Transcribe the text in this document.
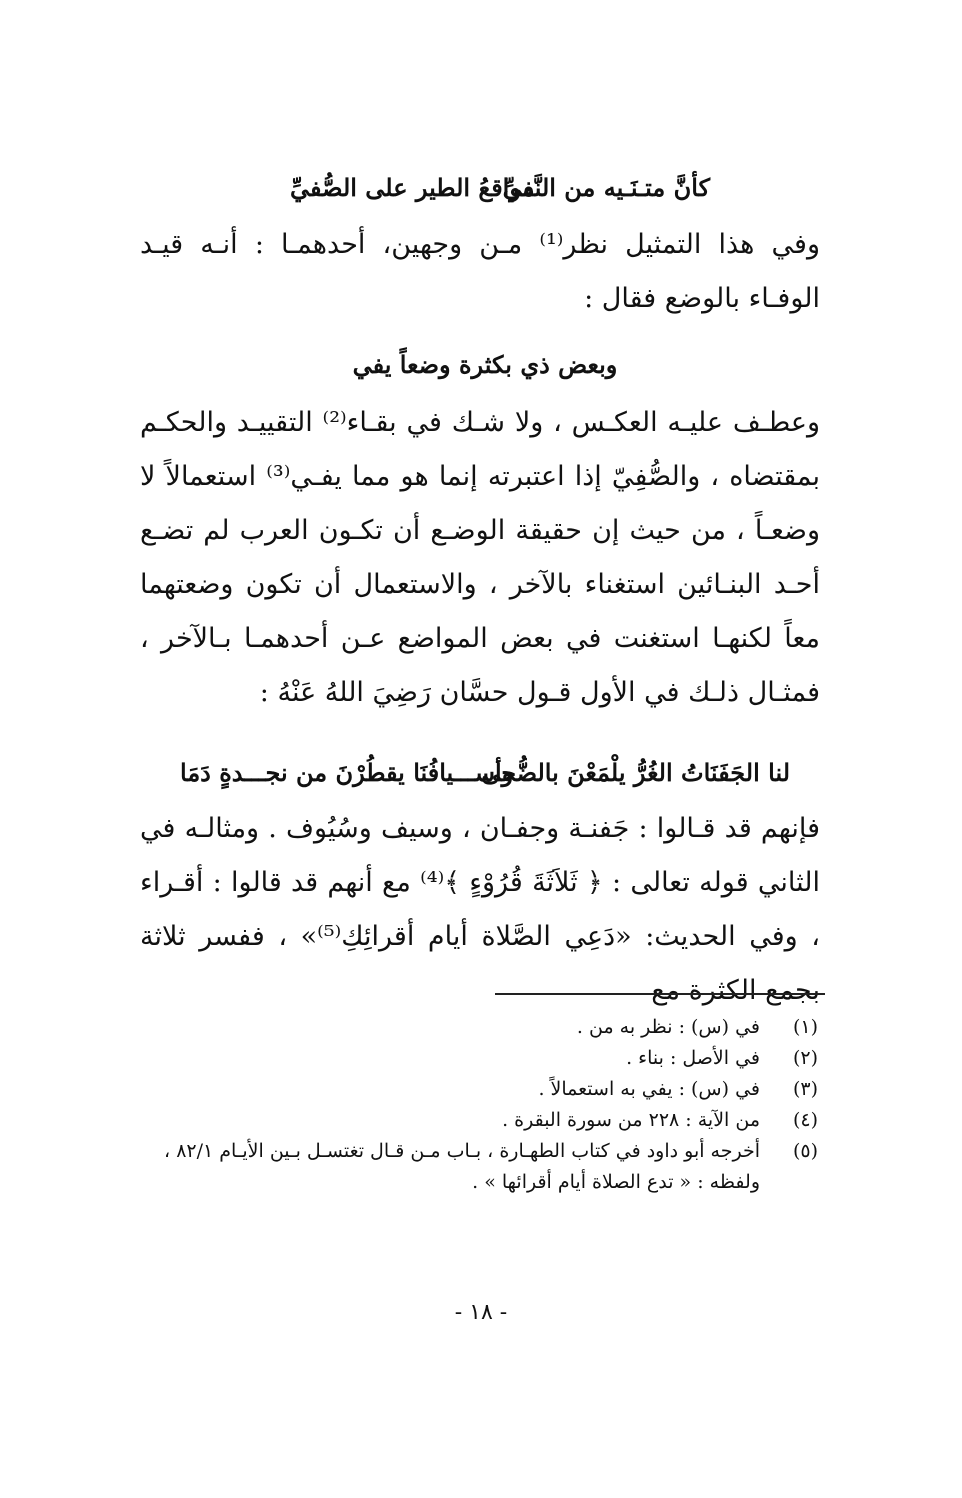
كأنَّ متـنَـيه من النَّفيِّ
مواقعُ الطير على الصُّفيِّ

وفي هذا التمثيل نظر⁽¹⁾ مـن وجهين، أحدهمـا : أنـه قيـد الوفـاء بالوضع فقال :

وبعض ذي بكثرة وضعاً يفي

وعطـف عليـه العكـس ، ولا شـك في بقـاء⁽²⁾ التقييـد والحكـم بمقتضاه ، والصُّفِيّ إذا اعتبرته إنما هو مما يفـي⁽³⁾ استعمالاً لا وضعـاً ، من حيث إن حقيقة الوضـع أن تكـون العرب لم تضـع أحـد البنـائين استغناء بالآخر ، والاستعمال أن تكون وضعتهما معاً لكنهـا استغنت في بعض المواضع عـن أحدهمـا بـالآخر ، فمثـال ذلـك في الأول قـول حسَّان رَضِيَ اللهُ عَنْهُ :

لنا الجَفَنَاتُ الغُرُّ يلْمَعْنَ بالضُّحى
وأســـيافُنَا يقطُرْنَ من نجـــدةٍ دَمَا

فإنهم قد قـالوا : جَفنـة وجفـان ، وسيف وسُيُوف . ومثالـه في الثاني قوله تعالى : ﴿ ثَلاَثَةَ قُرُوْءٍ ﴾⁽⁴⁾ مع أنهم قد قالوا : أقـراء ، وفي الحديث: «دَعِي الصَّلاة أيام أقرائِكِ⁽⁵⁾» ، ففسر ثلاثة بجمع الكثرة مع

(١)
في (س) : نظر به من .
(٢)
في الأصل : بناء .
(٣)
في (س) : يفي به استعمالاً .
(٤)
من الآية : ٢٢٨ من سورة البقرة .
(٥)
أخرجه أبو داود في كتاب الطهـارة ، بـاب مـن قـال تغتسـل بـين الأيـام ٨٢/١ ، ولفظه : « تدع الصلاة أيام أقرائها » .
- ١٨ -
